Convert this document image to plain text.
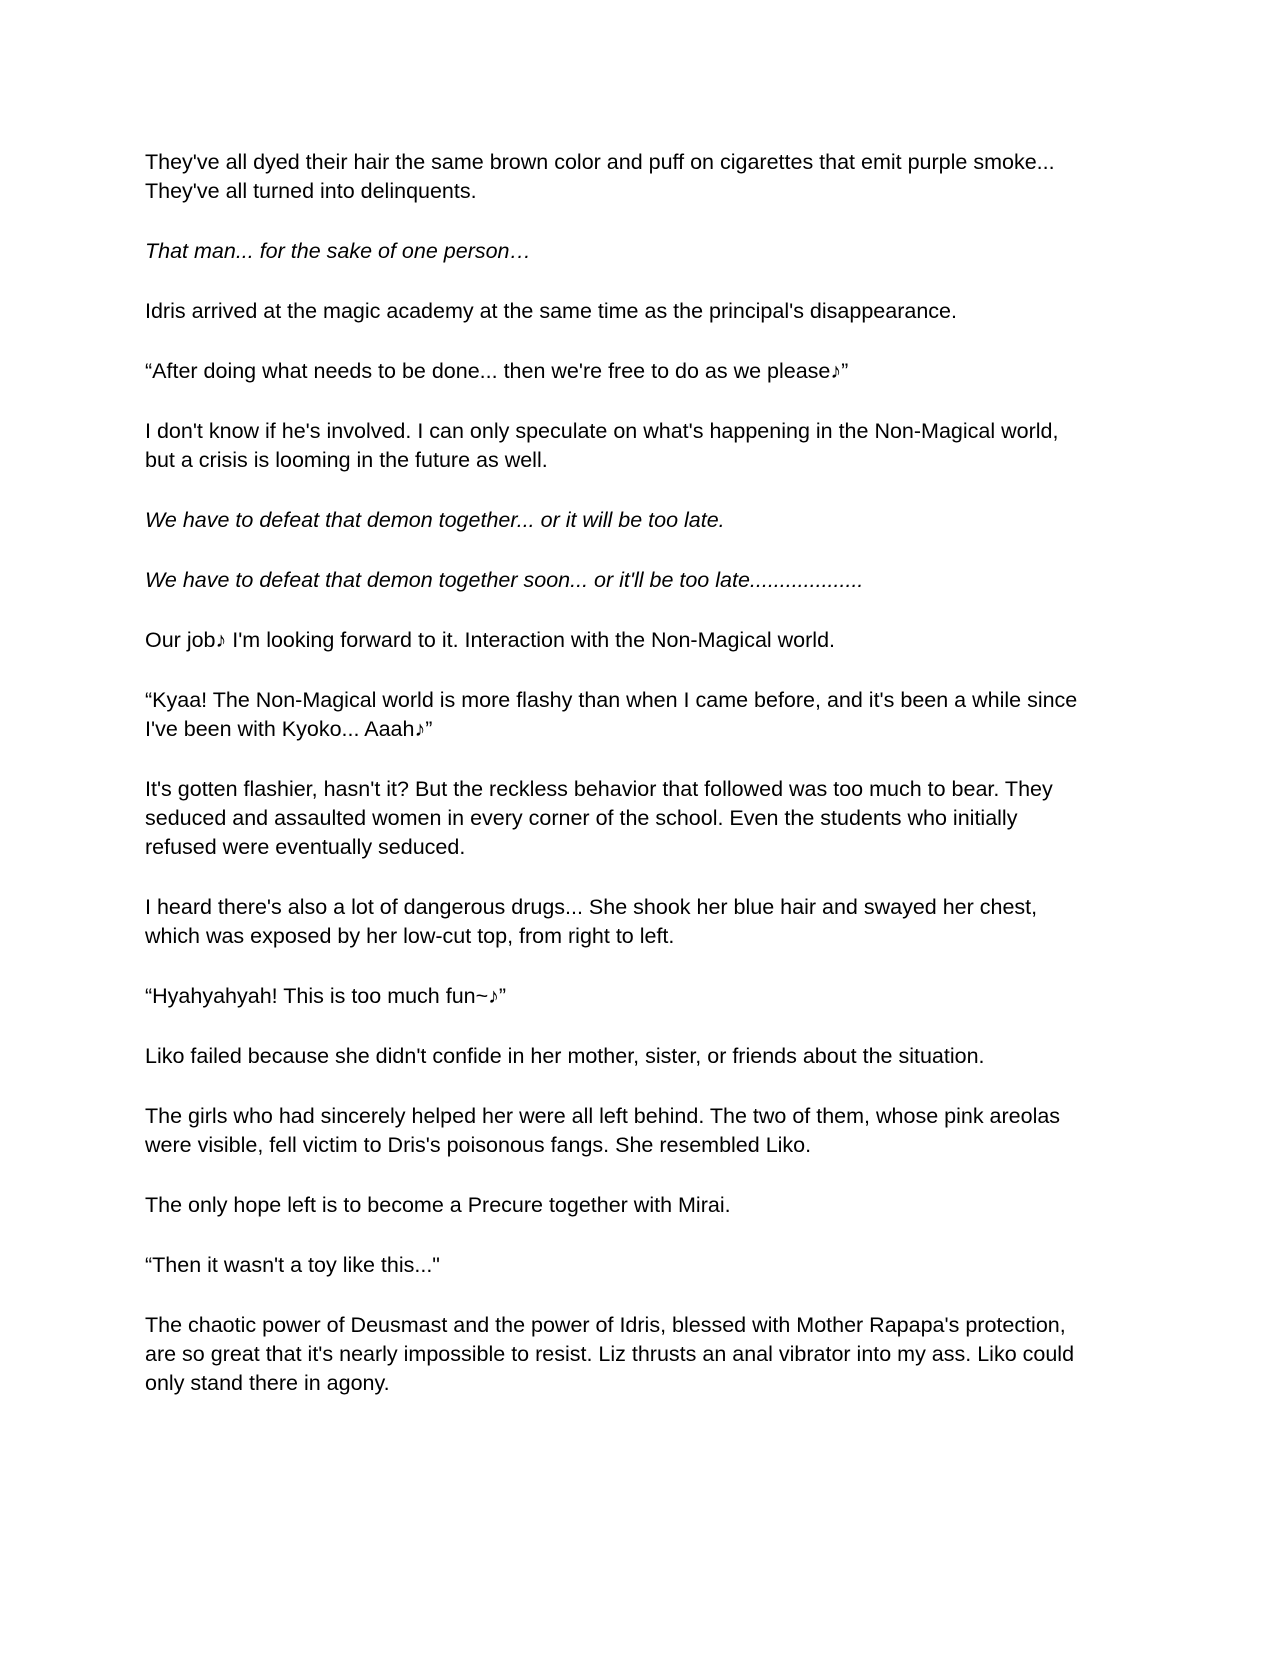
They've all dyed their hair the same brown color and puff on cigarettes that emit purple smoke... They've all turned into delinquents.

That man... for the sake of one person…

Idris arrived at the magic academy at the same time as the principal's disappearance.

“After doing what needs to be done... then we're free to do as we please♪”

I don't know if he's involved. I can only speculate on what's happening in the Non-Magical world, but a crisis is looming in the future as well.

We have to defeat that demon together... or it will be too late.

We have to defeat that demon together soon... or it'll be too late...................

Our job♪ I'm looking forward to it. Interaction with the Non-Magical world.

“Kyaa! The Non-Magical world is more flashy than when I came before, and it's been a while since I've been with Kyoko... Aaah♪”

It's gotten flashier, hasn't it? But the reckless behavior that followed was too much to bear. They seduced and assaulted women in every corner of the school. Even the students who initially refused were eventually seduced.

I heard there's also a lot of dangerous drugs... She shook her blue hair and swayed her chest, which was exposed by her low-cut top, from right to left.

“Hyahyahyah! This is too much fun~♪”

Liko failed because she didn't confide in her mother, sister, or friends about the situation.

The girls who had sincerely helped her were all left behind. The two of them, whose pink areolas were visible, fell victim to Dris's poisonous fangs. She resembled Liko.

The only hope left is to become a Precure together with Mirai.

“Then it wasn't a toy like this..."

The chaotic power of Deusmast and the power of Idris, blessed with Mother Rapapa's protection, are so great that it's nearly impossible to resist. Liz thrusts an anal vibrator into my ass. Liko could only stand there in agony.
